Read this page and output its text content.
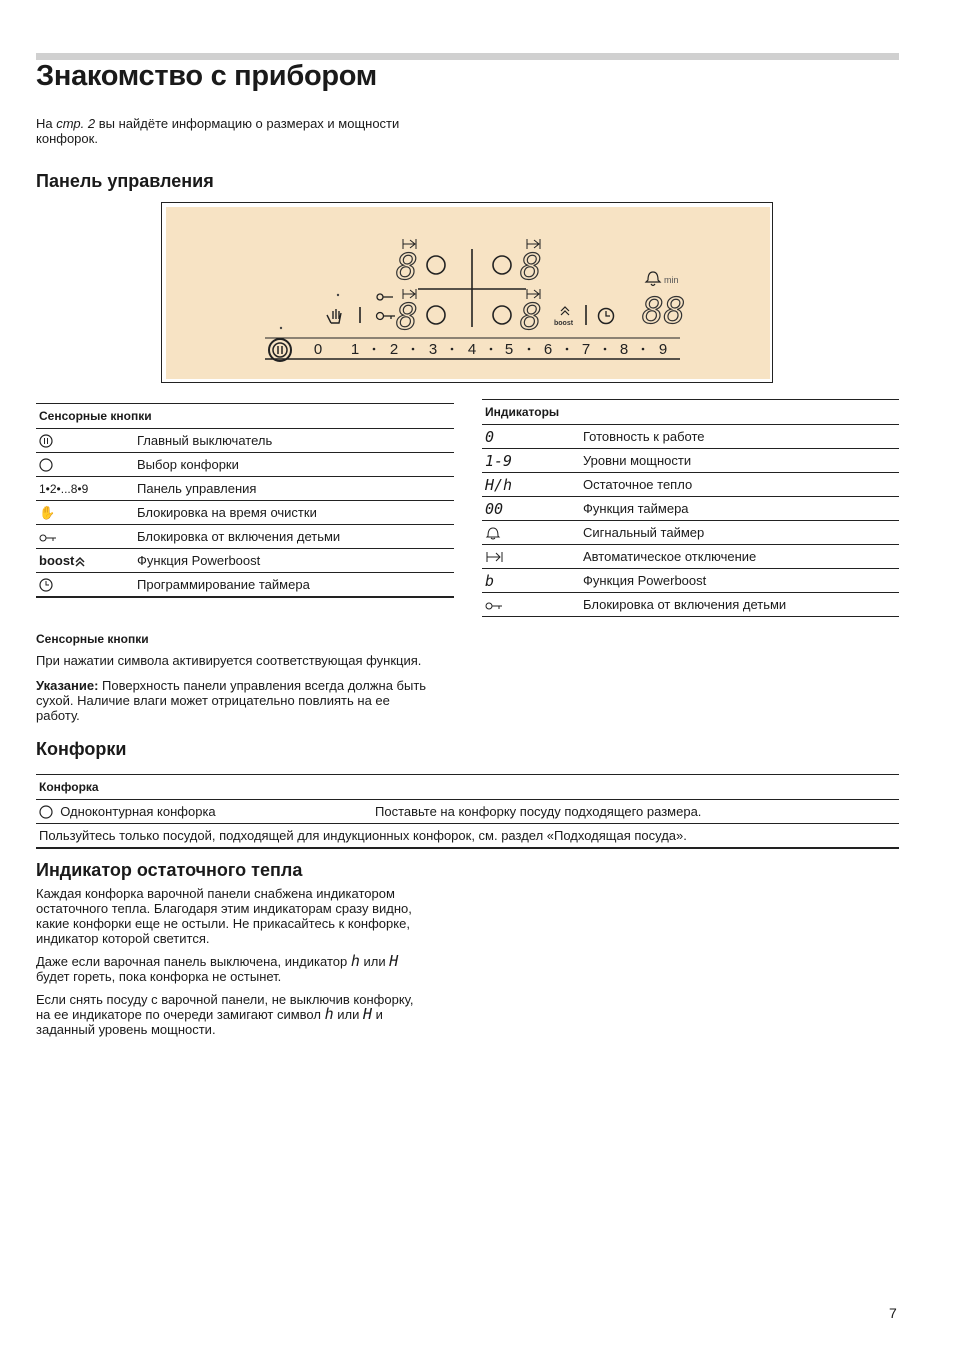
Знакомство с прибором

На стр. 2 вы найдёте информацию о размерах и мощности
конфорок.

Панель управления
8	8
8	8	88
min
boost
0 1 2 3 4 5 6 7 8 9
Сенсорные кнопки	
	Главный выключатель
	Выбор конфорки
1•2•...8•9	Панель управления
✋	Блокировка на время очистки
	Блокировка от включения детьми
boost	Функция Powerboost
	Программирование таймера
Индикаторы	
0	Готовность к работе
1-9	Уровни мощности
H/h	Остаточное тепло
00	Функция таймера
	Сигнальный таймер
	Автоматическое отключение
b	Функция Powerboost
	Блокировка от включения детьми

Сенсорные кнопки

При нажатии символа активируется соответствующая функция.

Указание: Поверхность панели управления всегда должна быть
сухой. Наличие влаги может отрицательно повлиять на ее
работу.

Конфорки
Конфорка
Одноконтурная конфорка	Поставьте на конфорку посуду подходящего размера.
Пользуйтесь только посудой, подходящей для индукционных конфорок, см. раздел «Подходящая посуда».
Индикатор остаточного тепла

Каждая конфорка варочной панели снабжена индикатором
остаточного тепла. Благодаря этим индикаторам сразу видно,
какие конфорки еще не остыли. Не прикасайтесь к конфорке,
индикатор которой светится.

Даже если варочная панель выключена, индикатор h или H
будет гореть, пока конфорка не остынет.

Если снять посуду с варочной панели, не выключив конфорку,
на ее индикаторе по очереди замигают символ h или H и
заданный уровень мощности.

7
